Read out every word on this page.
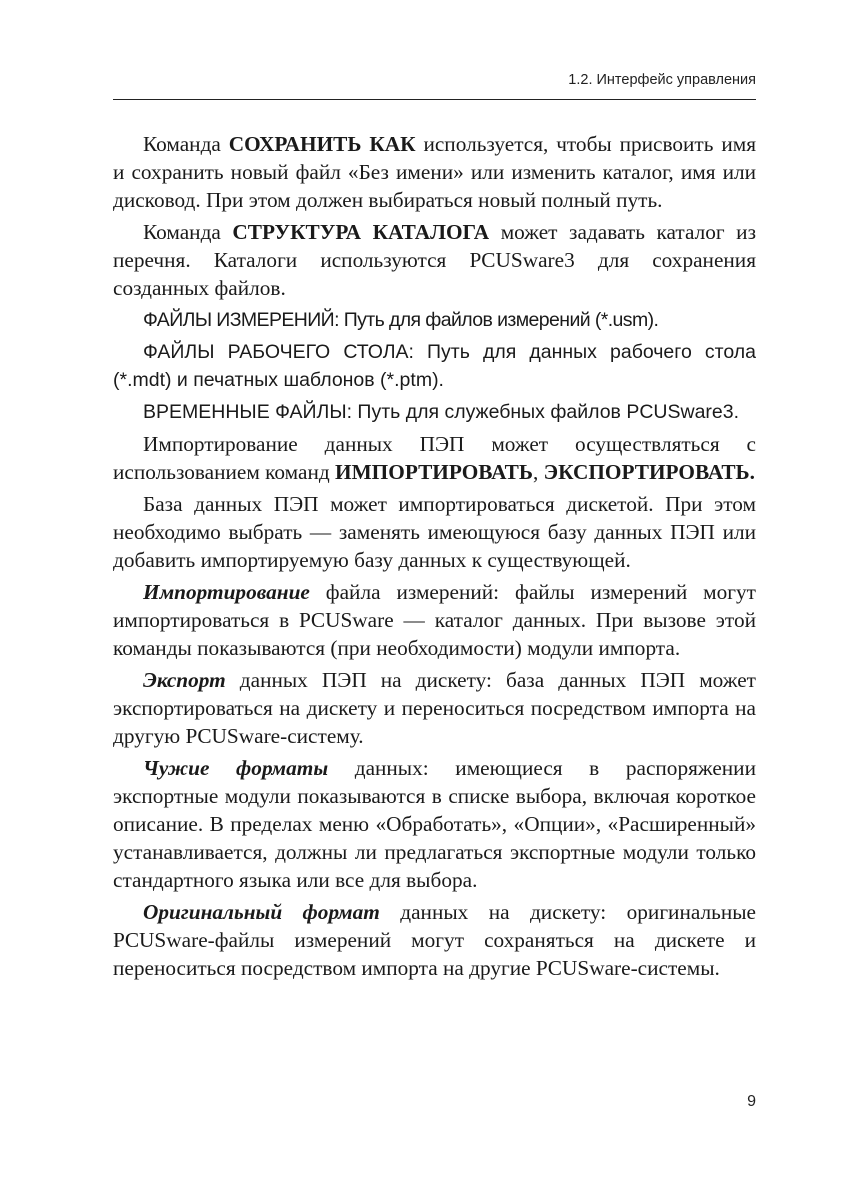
1.2. Интерфейс управления

Команда СОХРАНИТЬ КАК используется, чтобы присвоить имя и сохранить новый файл «Без имени» или изменить каталог, имя или дисковод. При этом должен выбираться новый полный путь.

Команда СТРУКТУРА КАТАЛОГА может задавать каталог из перечня. Каталоги используются PCUSware3 для сохранения созданных файлов.

ФАЙЛЫ ИЗМЕРЕНИЙ: Путь для файлов измерений (*.usm).

ФАЙЛЫ РАБОЧЕГО СТОЛА: Путь для данных рабочего стола (*.mdt) и печатных шаблонов (*.ptm).

ВРЕМЕННЫЕ ФАЙЛЫ: Путь для служебных файлов PCUSware3.

Импортирование данных ПЭП может осуществляться с использованием команд ИМПОРТИРОВАТЬ, ЭКСПОРТИРОВАТЬ.

База данных ПЭП может импортироваться дискетой. При этом необходимо выбрать — заменять имеющуюся базу данных ПЭП или добавить импортируемую базу данных к существующей.

Импортирование файла измерений: файлы измерений могут импортироваться в PCUSware — каталог данных. При вызове этой команды показываются (при необходимости) модули импорта.

Экспорт данных ПЭП на дискету: база данных ПЭП может экспортироваться на дискету и переноситься посредством импорта на другую PCUSware-систему.

Чужие форматы данных: имеющиеся в распоряжении экспортные модули показываются в списке выбора, включая короткое описание. В пределах меню «Обработать», «Опции», «Расширенный» устанавливается, должны ли предлагаться экспортные модули только стандартного языка или все для выбора.

Оригинальный формат данных на дискету: оригинальные PCUSware-файлы измерений могут сохраняться на дискете и переноситься посредством импорта на другие PCUSware-системы.

9
